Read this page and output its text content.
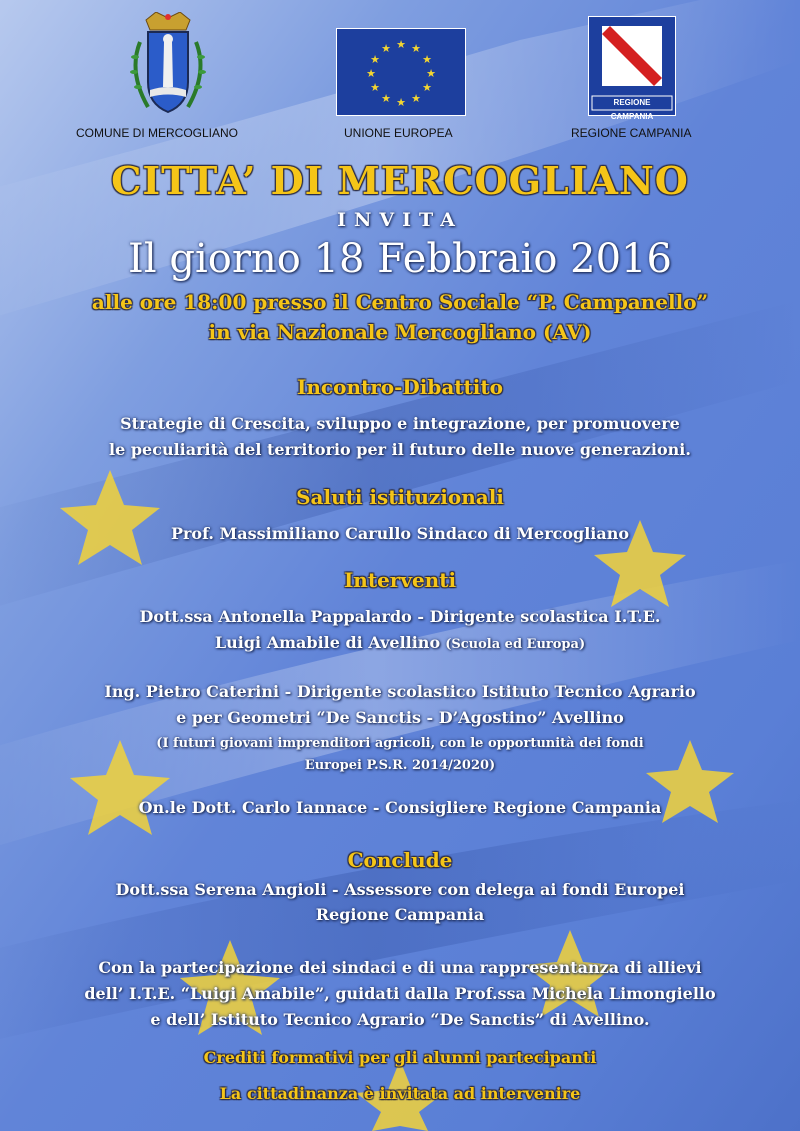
COMUNE DI MERCOGLIANO
★ ★
★
★
★
★
★
★
★
★
★
★
UNIONE EUROPEA
REGIONE CAMPANIA
REGIONE CAMPANIA
CITTA’ DI MERCOGLIANO
INVITA
Il giorno 18 Febbraio 2016
alle ore 18:00 presso il Centro Sociale “P. Campanello”
in via Nazionale Mercogliano (AV)
Incontro-Dibattito
Strategie di Crescita, sviluppo e integrazione, per promuovere
le peculiarità del territorio per il futuro delle nuove generazioni.
Saluti istituzionali
Prof. Massimiliano Carullo Sindaco di Mercogliano
Interventi
Dott.ssa Antonella Pappalardo - Dirigente scolastica I.T.E.
Luigi Amabile di Avellino (Scuola ed Europa)
Ing. Pietro Caterini - Dirigente scolastico Istituto Tecnico Agrario
e per Geometri “De Sanctis - D’Agostino” Avellino
(I futuri giovani imprenditori agricoli, con le opportunità dei fondi
Europei P.S.R. 2014/2020)
On.le Dott. Carlo Iannace - Consigliere Regione Campania
Conclude
Dott.ssa Serena Angioli - Assessore con delega ai fondi Europei
Regione Campania
Con la partecipazione dei sindaci e di una rappresentanza di allievi
dell’ I.T.E. “Luigi Amabile”, guidati dalla Prof.ssa Michela Limongiello
e dell’ Istituto Tecnico Agrario “De Sanctis” di Avellino.
Crediti formativi per gli alunni partecipanti
La cittadinanza è invitata ad intervenire
